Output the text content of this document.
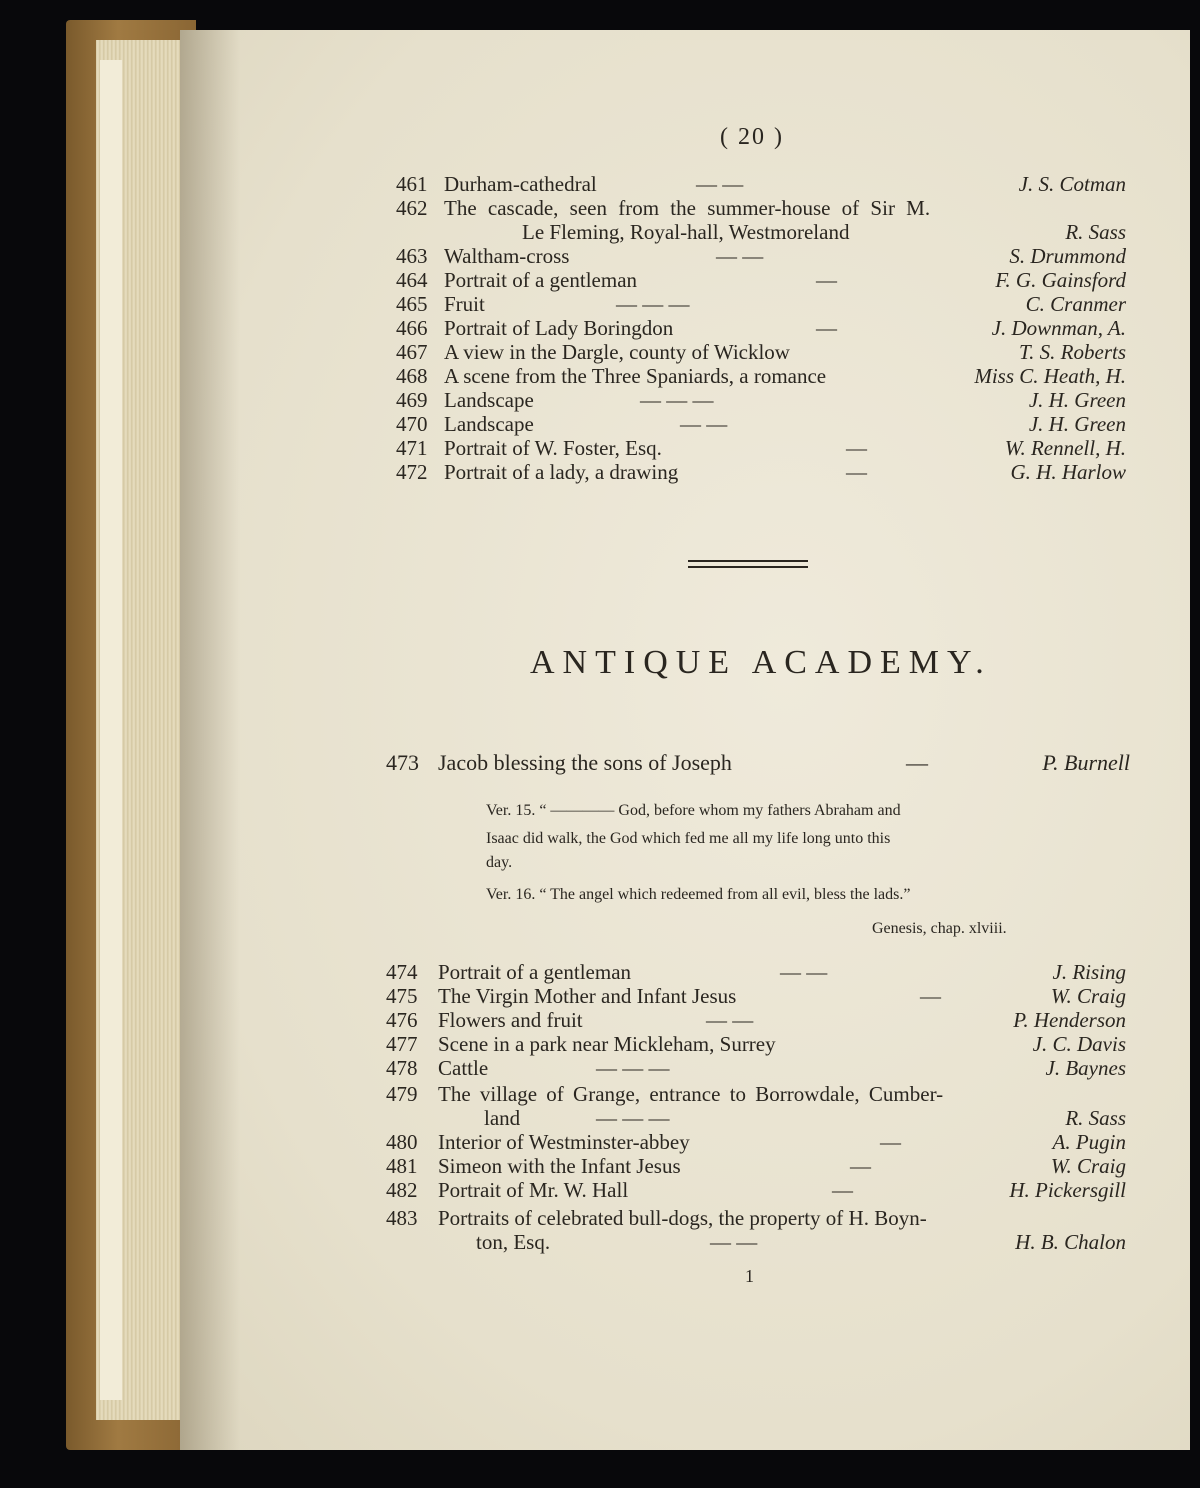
( 20 )
461 Durham-cathedral	— —	J. S. Cotman
462 The cascade, seen from the summer-house of Sir M.
Le Fleming, Royal-hall, Westmoreland	R. Sass
463 Waltham-cross	— —	S. Drummond
464 Portrait of a gentleman	—	F. G. Gainsford
465 Fruit	— — —	C. Cranmer
466 Portrait of Lady Boringdon	—	J. Downman, A.
467 A view in the Dargle, county of Wicklow	T. S. Roberts
468 A scene from the Three Spaniards, a romance	Miss C. Heath, H.
469 Landscape	— — —	J. H. Green
470 Landscape	— —	J. H. Green
471 Portrait of W. Foster, Esq.	—	W. Rennell, H.
472 Portrait of a lady, a drawing	—	G. H. Harlow
ANTIQUE ACADEMY.
473 Jacob blessing the sons of Joseph	—	P. Burnell
Ver. 15. “ ———— God, before whom my fathers Abraham and
Isaac did walk, the God which fed me all my life long unto this
day.
Ver. 16. “ The angel which redeemed from all evil, bless the lads.”
Genesis, chap. xlviii.
474 Portrait of a gentleman	— —	J. Rising
475 The Virgin Mother and Infant Jesus	—	W. Craig
476 Flowers and fruit	— —	P. Henderson
477 Scene in a park near Mickleham, Surrey	J. C. Davis
478 Cattle	— — —	J. Baynes
479 The village of Grange, entrance to Borrowdale, Cumber-
land	— — —	R. Sass
480 Interior of Westminster-abbey	—	A. Pugin
481 Simeon with the Infant Jesus	—	W. Craig
482 Portrait of Mr. W. Hall	—	H. Pickersgill
483 Portraits of celebrated bull-dogs, the property of H. Boyn-
ton, Esq.	— —	H. B. Chalon
1
